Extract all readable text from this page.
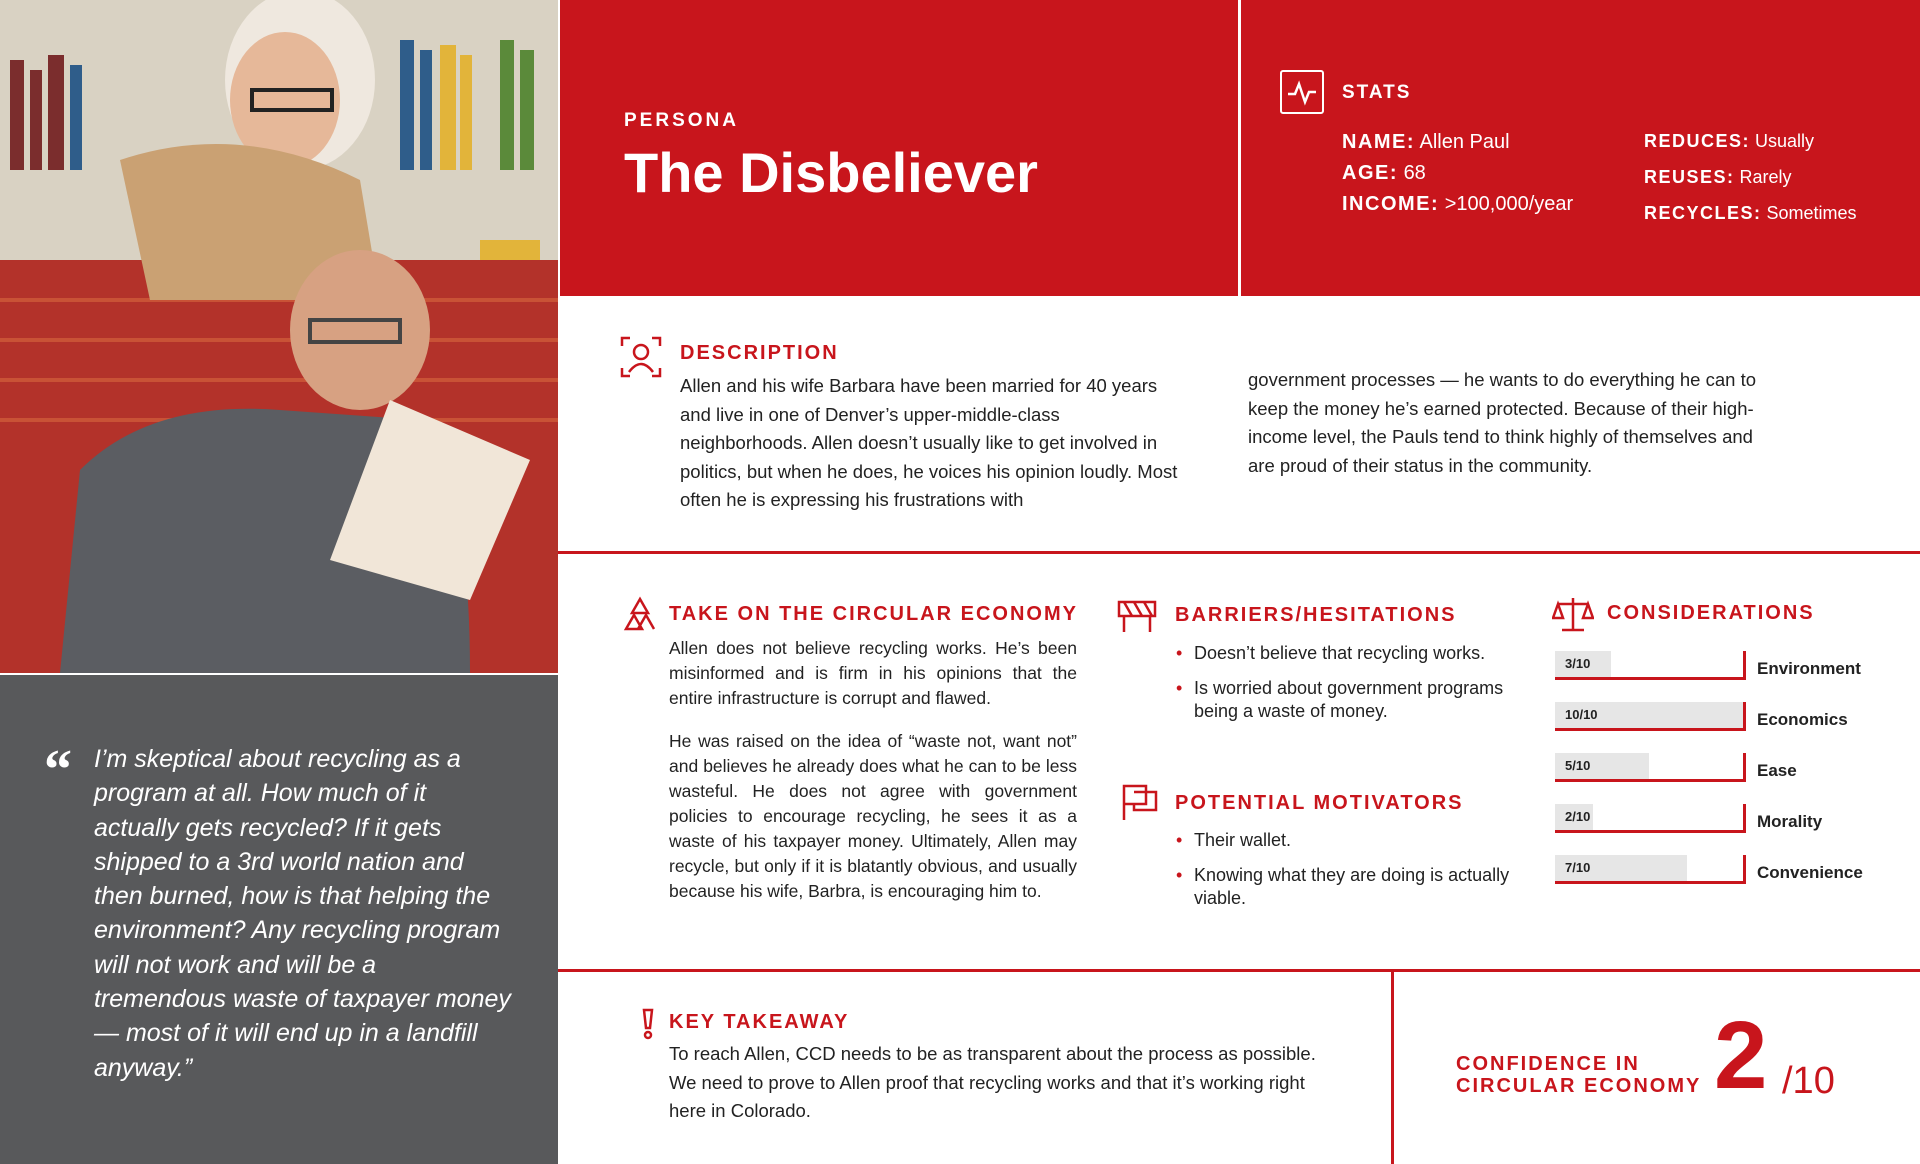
“ I’m skeptical about recycling as a program at all. How much of it actually gets recycled? If it gets shipped to a 3rd world nation and then burned, how is that helping the environment? Any recycling program will not work and will be a tremendous waste of taxpayer money — most of it will end up in a landfill anyway.”
PERSONA
The Disbeliever
STATS
NAME: Allen Paul
AGE: 68
INCOME: >100,000/year
REDUCES: Usually
REUSES: Rarely
RECYCLES: Sometimes
DESCRIPTION
Allen and his wife Barbara have been married for 40 years and live in one of Denver’s upper-middle-class neighborhoods. Allen doesn’t usually like to get involved in politics, but when he does, he voices his opinion loudly. Most often he is expressing his frustrations with
government processes — he wants to do everything he can to keep the money he’s earned protected. Because of their high-income level, the Pauls tend to think highly of themselves and are proud of their status in the community.
TAKE ON THE CIRCULAR ECONOMY
Allen does not believe recycling works. He’s been misinformed and is firm in his opinions that the entire infrastructure is corrupt and flawed.
He was raised on the idea of “waste not, want not” and believes he already does what he can to be less wasteful. He does not agree with government policies to encourage recycling, he sees it as a waste of his taxpayer money. Ultimately, Allen may recycle, but only if it is blatantly obvious, and usually because his wife, Barbra, is encouraging him to.
BARRIERS/HESITATIONS
• Doesn’t believe that recycling works.
• Is worried about government programs being a waste of money.
POTENTIAL MOTIVATORS
• Their wallet.
• Knowing what they are doing is actually viable.
CONSIDERATIONS
3/10	Environment
10/10	Economics
5/10	Ease
2/10	Morality
7/10	Convenience
KEY TAKEAWAY
To reach Allen, CCD needs to be as transparent about the process as possible. We need to prove to Allen proof that recycling works and that it’s working right here in Colorado.
CONFIDENCE IN
CIRCULAR ECONOMY 2 /10
